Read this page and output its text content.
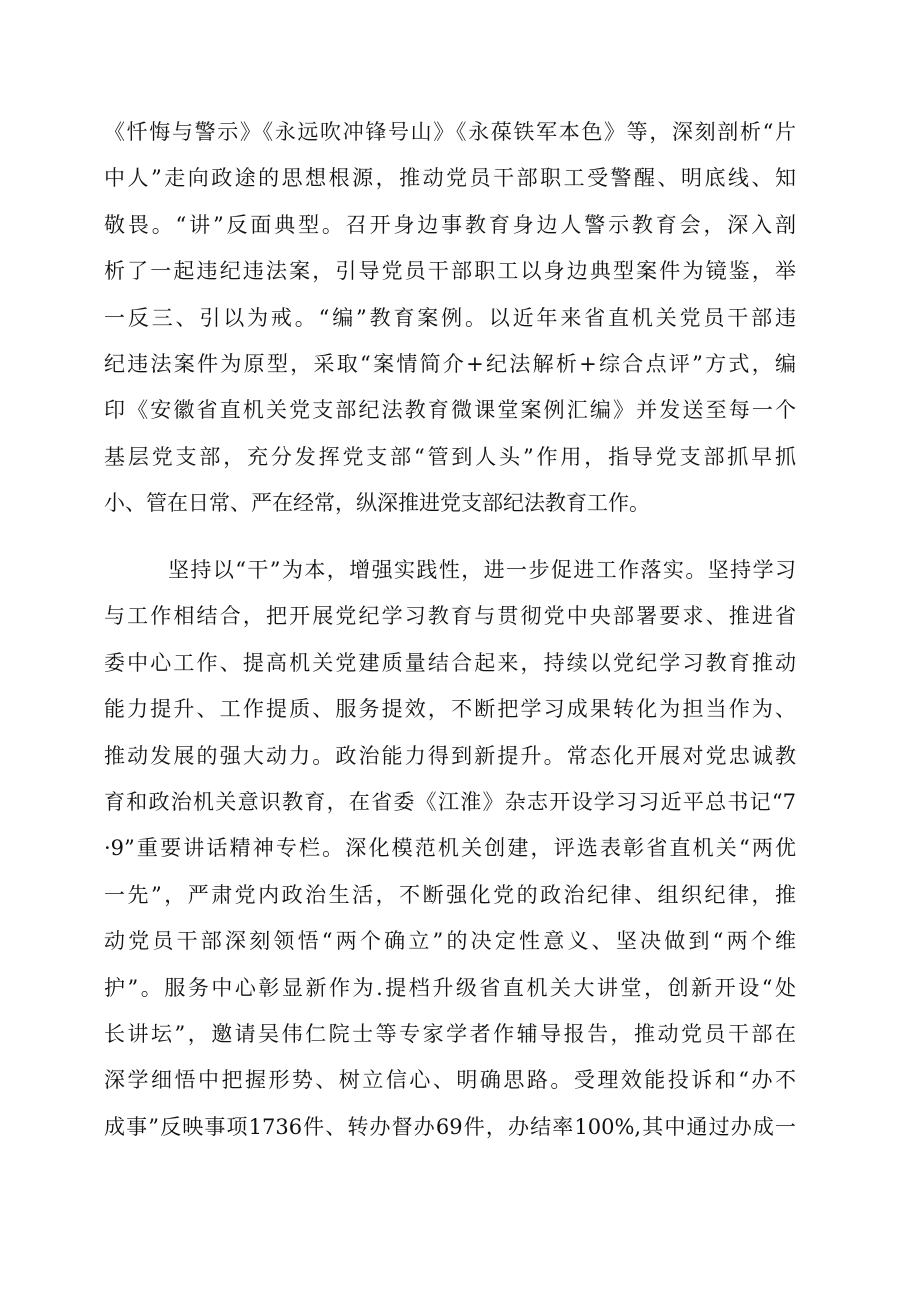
《忏悔与警示》《永远吹冲锋号山》《永葆铁军本色》等，深刻剖析“片
中人”走向政途的思想根源，推动党员干部职工受警醒、明底线、知
敬畏。“讲”反面典型。召开身边事教育身边人警示教育会，深入剖
析了一起违纪违法案，引导党员干部职工以身边典型案件为镜鉴，举
一反三、引以为戒。“编”教育案例。以近年来省直机关党员干部违
纪违法案件为原型，采取“案情简介+纪法解析+综合点评”方式，编
印《安徽省直机关党支部纪法教育微课堂案例汇编》并发送至每一个
基层党支部，充分发挥党支部“管到人头”作用，指导党支部抓早抓
小、管在日常、严在经常，纵深推进党支部纪法教育工作。
坚持以“干”为本，增强实践性，进一步促进工作落实。坚持学习
与工作相结合，把开展党纪学习教育与贯彻党中央部署要求、推进省
委中心工作、提高机关党建质量结合起来，持续以党纪学习教育推动
能力提升、工作提质、服务提效，不断把学习成果转化为担当作为、
推动发展的强大动力。政治能力得到新提升。常态化开展对党忠诚教
育和政治机关意识教育，在省委《江淮》杂志开设学习习近平总书记“7
·9”重要讲话精神专栏。深化模范机关创建，评选表彰省直机关“两优
一先”，严肃党内政治生活，不断强化党的政治纪律、组织纪律，推
动党员干部深刻领悟“两个确立”的决定性意义、坚决做到“两个维
护”。服务中心彰显新作为.提档升级省直机关大讲堂，创新开设“处
长讲坛”，邀请吴伟仁院士等专家学者作辅导报告，推动党员干部在
深学细悟中把握形势、树立信心、明确思路。受理效能投诉和“办不
成事”反映事项1736件、转办督办69件，办结率100%,其中通过办成一
